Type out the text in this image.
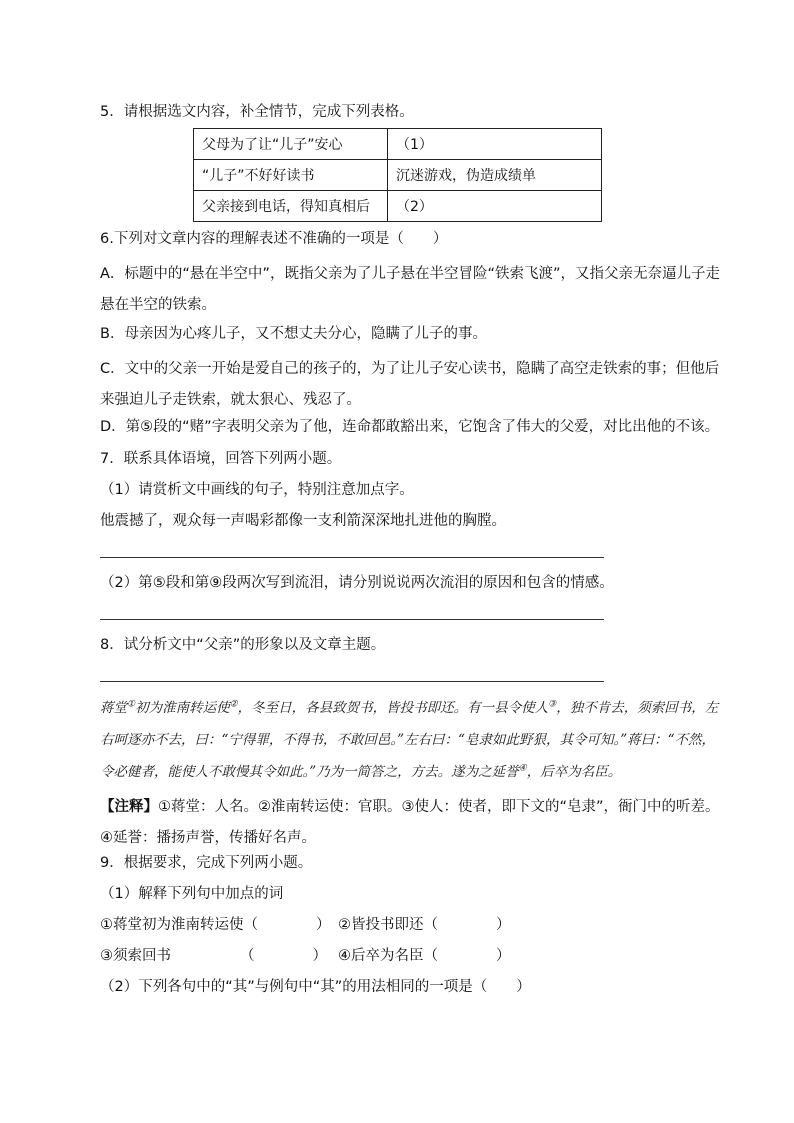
5．请根据选文内容，补全情节，完成下列表格。
父母为了让“儿子”安心	（1）
“儿子”不好好读书	沉迷游戏，伪造成绩单
父亲接到电话，得知真相后	（2）
6.下列对文章内容的理解表述不准确的一项是（　　）
A．标题中的“悬在半空中”，既指父亲为了儿子悬在半空冒险“铁索飞渡”，又指父亲无奈逼儿子走悬在半空的铁索。
B．母亲因为心疼儿子，又不想丈夫分心，隐瞒了儿子的事。
C．文中的父亲一开始是爱自己的孩子的，为了让儿子安心读书，隐瞒了高空走铁索的事；但他后来强迫儿子走铁索，就太狠心、残忍了。
D．第⑤段的“赌”字表明父亲为了他，连命都敢豁出来，它饱含了伟大的父爱，对比出他的不该。
7．联系具体语境，回答下列两小题。
（1）请赏析文中画线的句子，特别注意加点字。
他震撼了，观众每一声喝彩都像一支利箭深深地扎进他的胸膛。
（2）第⑤段和第⑨段两次写到流泪，请分别说说两次流泪的原因和包含的情感。
8．试分析文中“父亲”的形象以及文章主题。
蒋堂①初为淮南转运使②，冬至日，各县致贺书，皆投书即还。有一县令使人③，独不肯去，须索回书，左右呵逐亦不去，曰：“宁得罪，不得书，不敢回邑。”左右曰：“皂隶如此野狠，其令可知。”蒋曰：“不然，令必健者，能使人不敢慢其令如此。”乃为一简答之，方去。遂为之延誉④，后卒为名臣。
【注释】①蒋堂：人名。②淮南转运使：官职。③使人：使者，即下文的“皂隶”，衙门中的听差。④延誉：播扬声誉，传播好名声。
9．根据要求，完成下列两小题。
（1）解释下列句中加点的词
①蒋堂初为淮南转运使（　　　　） ②皆投书即还（　　　　）
③须索回书	（　　　　） ④后卒为名臣（　　　　）
（2）下列各句中的“其”与例句中“其”的用法相同的一项是（　　）
